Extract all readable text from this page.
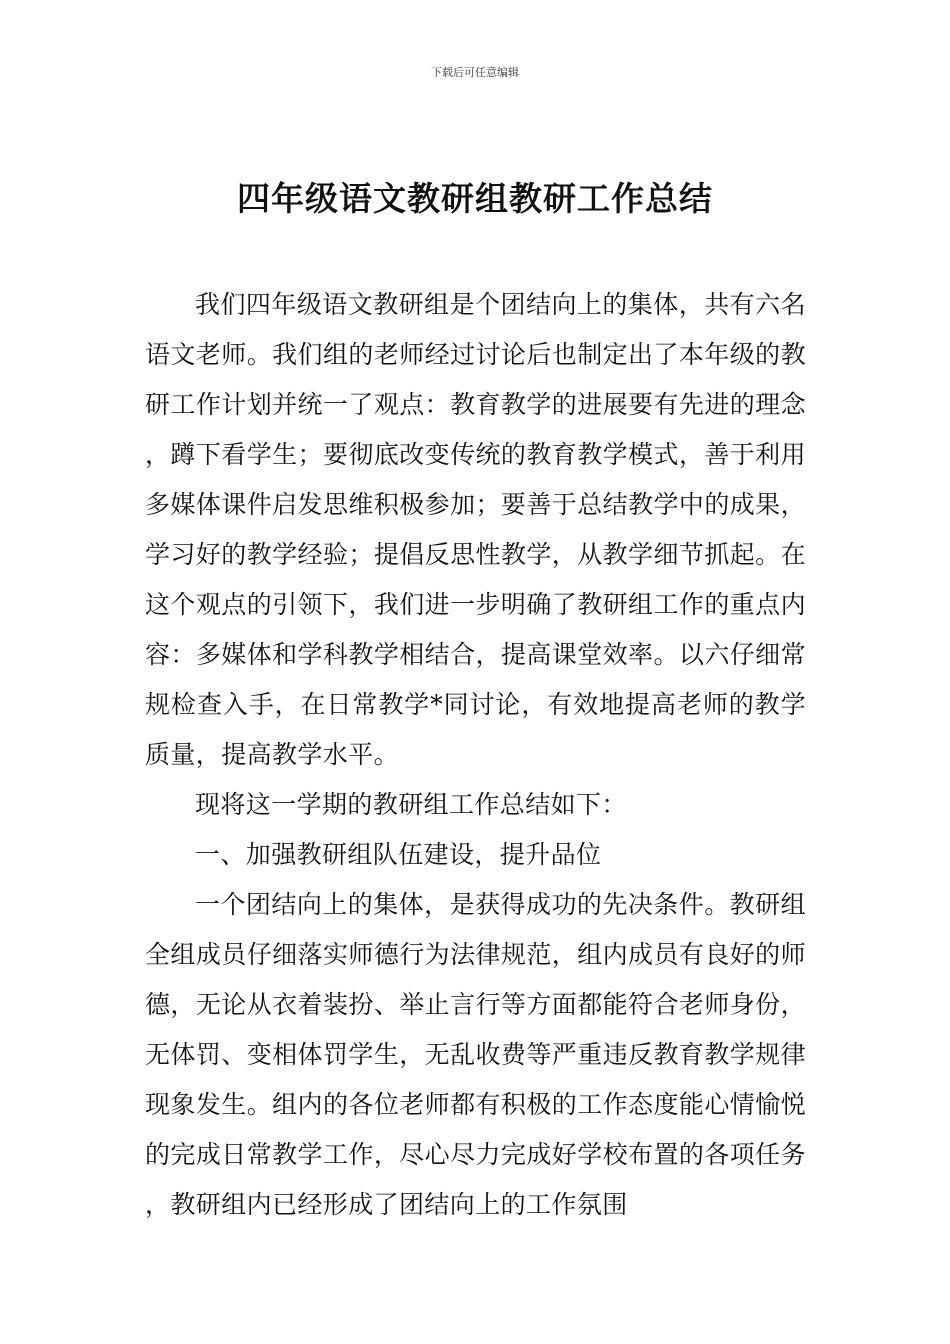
下载后可任意编辑
四年级语文教研组教研工作总结

我们四年级语文教研组是个团结向上的集体，共有六名语文老师。我们组的老师经过讨论后也制定出了本年级的教研工作计划并统一了观点：教育教学的进展要有先进的理念，蹲下看学生；要彻底改变传统的教育教学模式，善于利用多媒体课件启发思维积极参加；要善于总结教学中的成果，学习好的教学经验；提倡反思性教学，从教学细节抓起。在这个观点的引领下，我们进一步明确了教研组工作的重点内容：多媒体和学科教学相结合，提高课堂效率。以六仔细常规检查入手，在日常教学*同讨论，有效地提高老师的教学质量，提高教学水平。

现将这一学期的教研组工作总结如下：

一、加强教研组队伍建设，提升品位

一个团结向上的集体，是获得成功的先决条件。教研组全组成员仔细落实师德行为法律规范，组内成员有良好的师德，无论从衣着装扮、举止言行等方面都能符合老师身份，无体罚、变相体罚学生，无乱收费等严重违反教育教学规律现象发生。组内的各位老师都有积极的工作态度能心情愉悦的完成日常教学工作，尽心尽力完成好学校布置的各项任务，教研组内已经形成了团结向上的工作氛围
